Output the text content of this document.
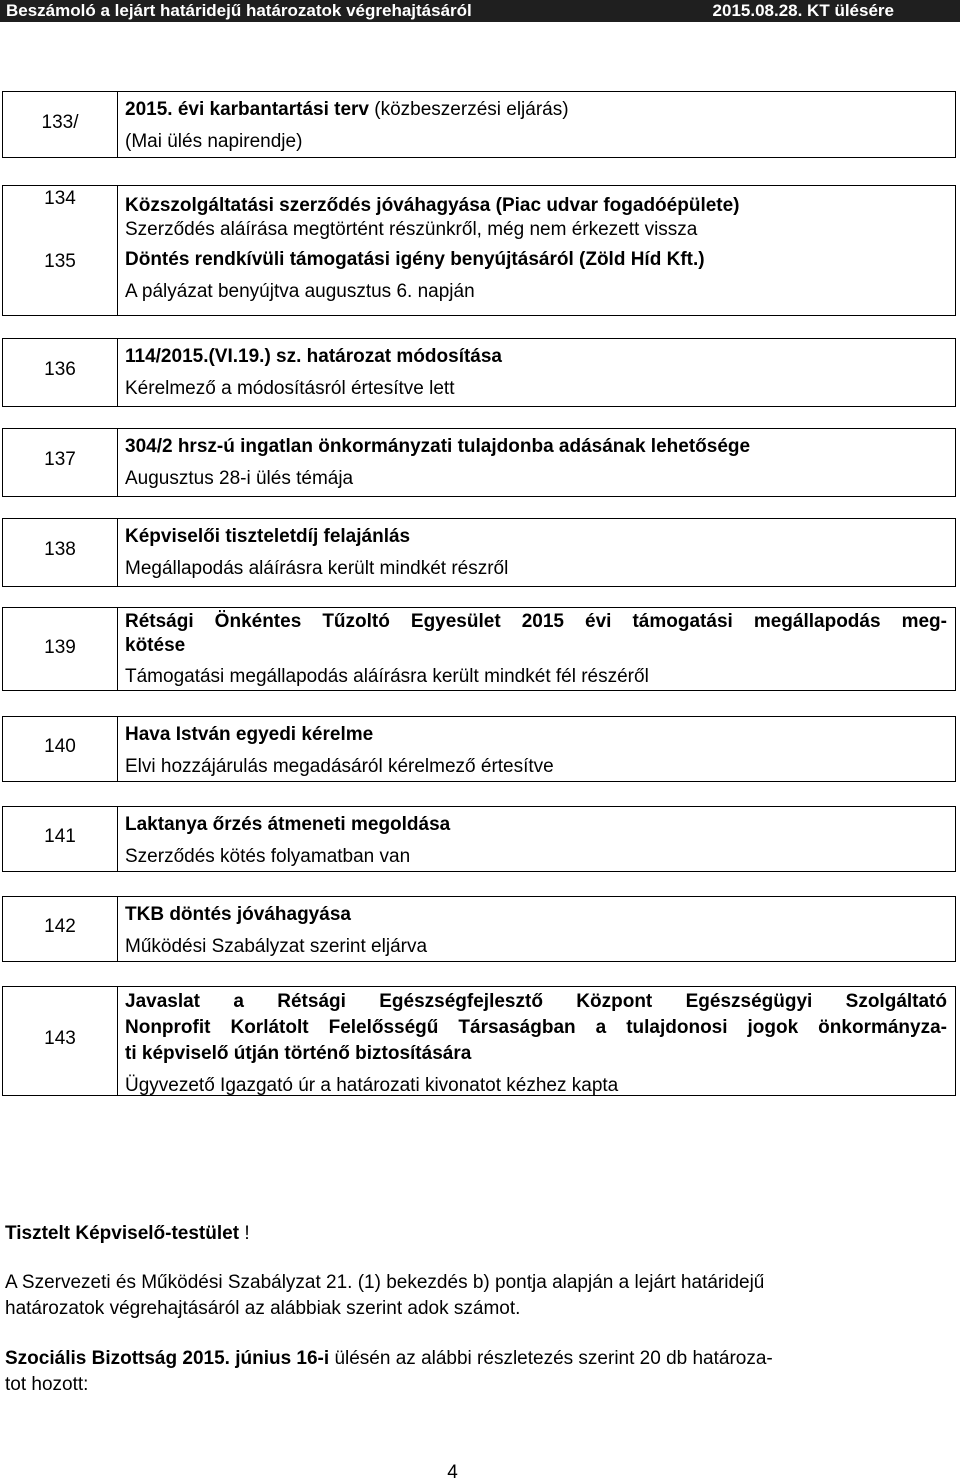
Beszámoló a lejárt határidejű határozatok végrehajtásáról	2015.08.28. KT ülésére
133/
2015. évi karbantartási terv (közbeszerzési eljárás)
(Mai ülés napirendje)
134
135
Közszolgáltatási szerződés jóváhagyása (Piac udvar fogadóépülete)
Szerződés aláírása megtörtént részünkről, még nem érkezett vissza
Döntés rendkívüli támogatási igény benyújtásáról (Zöld Híd Kft.)
A pályázat benyújtva augusztus 6. napján
136
114/2015.(VI.19.) sz. határozat módosítása
Kérelmező a módosításról értesítve lett
137
304/2 hrsz-ú ingatlan önkormányzati tulajdonba adásának lehetősége
Augusztus 28-i ülés témája
138
Képviselői tiszteletdíj felajánlás
Megállapodás aláírásra került mindkét részről
139
Rétsági Önkéntes Tűzoltó Egyesület 2015 évi támogatási megállapodás meg-
kötése
Támogatási megállapodás aláírásra került mindkét fél részéről
140
Hava István egyedi kérelme
Elvi hozzájárulás megadásáról kérelmező értesítve
141
Laktanya őrzés átmeneti megoldása
Szerződés kötés folyamatban van
142
TKB döntés jóváhagyása
Működési Szabályzat szerint eljárva
143
Javaslat a Rétsági Egészségfejlesztő Központ Egészségügyi Szolgáltató
Nonprofit Korlátolt Felelősségű Társaságban a tulajdonosi jogok önkormányza-
ti képviselő útján történő biztosítására
Ügyvezető Igazgató úr a határozati kivonatot kézhez kapta
Tisztelt Képviselő-testület !
A Szervezeti és Működési Szabályzat 21. (1) bekezdés b) pontja alapján a lejárt határidejű
határozatok végrehajtásáról az alábbiak szerint adok számot.
Szociális Bizottság 2015. június 16-i ülésén az alábbi részletezés szerint 20 db határoza-
tot hozott:
4
